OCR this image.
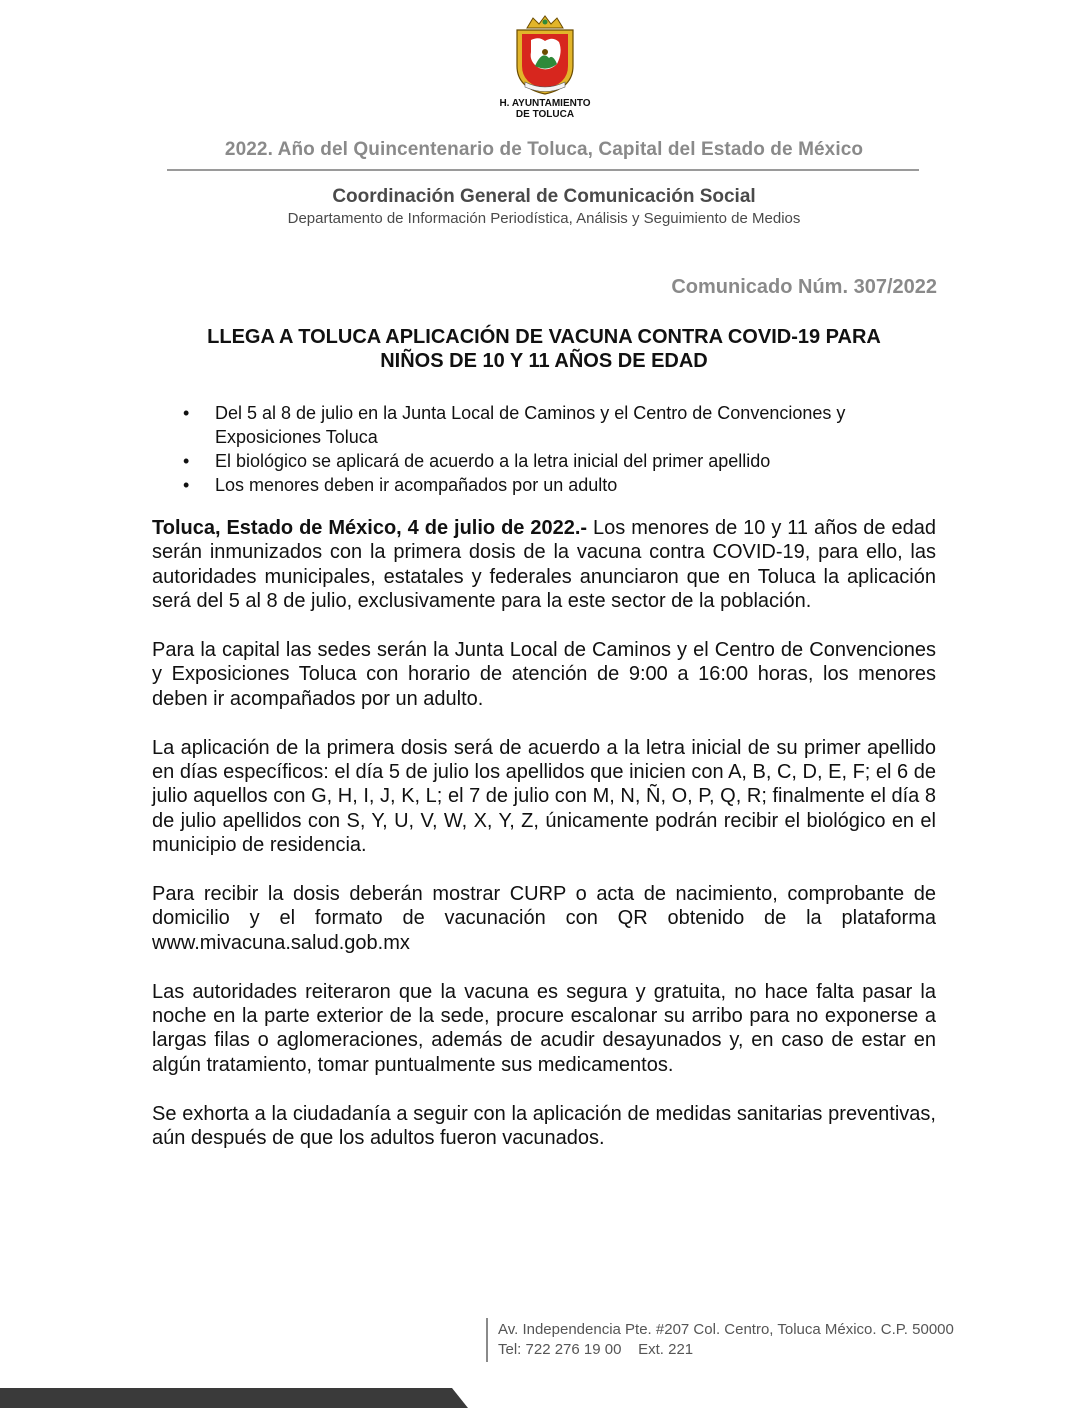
H. AYUNTAMIENTO
DE TOLUCA
2022. Año del Quincentenario de Toluca, Capital del Estado de México
Coordinación General de Comunicación Social
Departamento de Información Periodística, Análisis y Seguimiento de Medios
Comunicado Núm. 307/2022
LLEGA A TOLUCA APLICACIÓN DE VACUNA CONTRA COVID-19 PARA
NIÑOS DE 10 Y 11 AÑOS DE EDAD
• Del 5 al 8 de julio en la Junta Local de Caminos y el Centro de Convenciones y Exposiciones Toluca
• El biológico se aplicará de acuerdo a la letra inicial del primer apellido
• Los menores deben ir acompañados por un adulto

Toluca, Estado de México, 4 de julio de 2022.- Los menores de 10 y 11 años de edad serán inmunizados con la primera dosis de la vacuna contra COVID-19, para ello, las autoridades municipales, estatales y federales anunciaron que en Toluca la aplicación será del 5 al 8 de julio, exclusivamente para la este sector de la población.

Para la capital las sedes serán la Junta Local de Caminos y el Centro de Convenciones y Exposiciones Toluca con horario de atención de 9:00 a 16:00 horas, los menores deben ir acompañados por un adulto.

La aplicación de la primera dosis será de acuerdo a la letra inicial de su primer apellido en días específicos: el día 5 de julio los apellidos que inicien con A, B, C, D, E, F; el 6 de julio aquellos con G, H, I, J, K, L; el 7 de julio con M, N, Ñ, O, P, Q, R; finalmente el día 8 de julio apellidos con S, Y, U, V, W, X, Y, Z, únicamente podrán recibir el biológico en el municipio de residencia.

Para recibir la dosis deberán mostrar CURP o acta de nacimiento, comprobante de domicilio y el formato de vacunación con QR obtenido de la plataforma www.mivacuna.salud.gob.mx

Las autoridades reiteraron que la vacuna es segura y gratuita, no hace falta pasar la noche en la parte exterior de la sede, procure escalonar su arribo para no exponerse a largas filas o aglomeraciones, además de acudir desayunados y, en caso de estar en algún tratamiento, tomar puntualmente sus medicamentos.

Se exhorta a la ciudadanía a seguir con la aplicación de medidas sanitarias preventivas, aún después de que los adultos fueron vacunados.

Av. Independencia Pte. #207 Col. Centro, Toluca México. C.P. 50000
Tel: 722 276 19 00    Ext. 221
